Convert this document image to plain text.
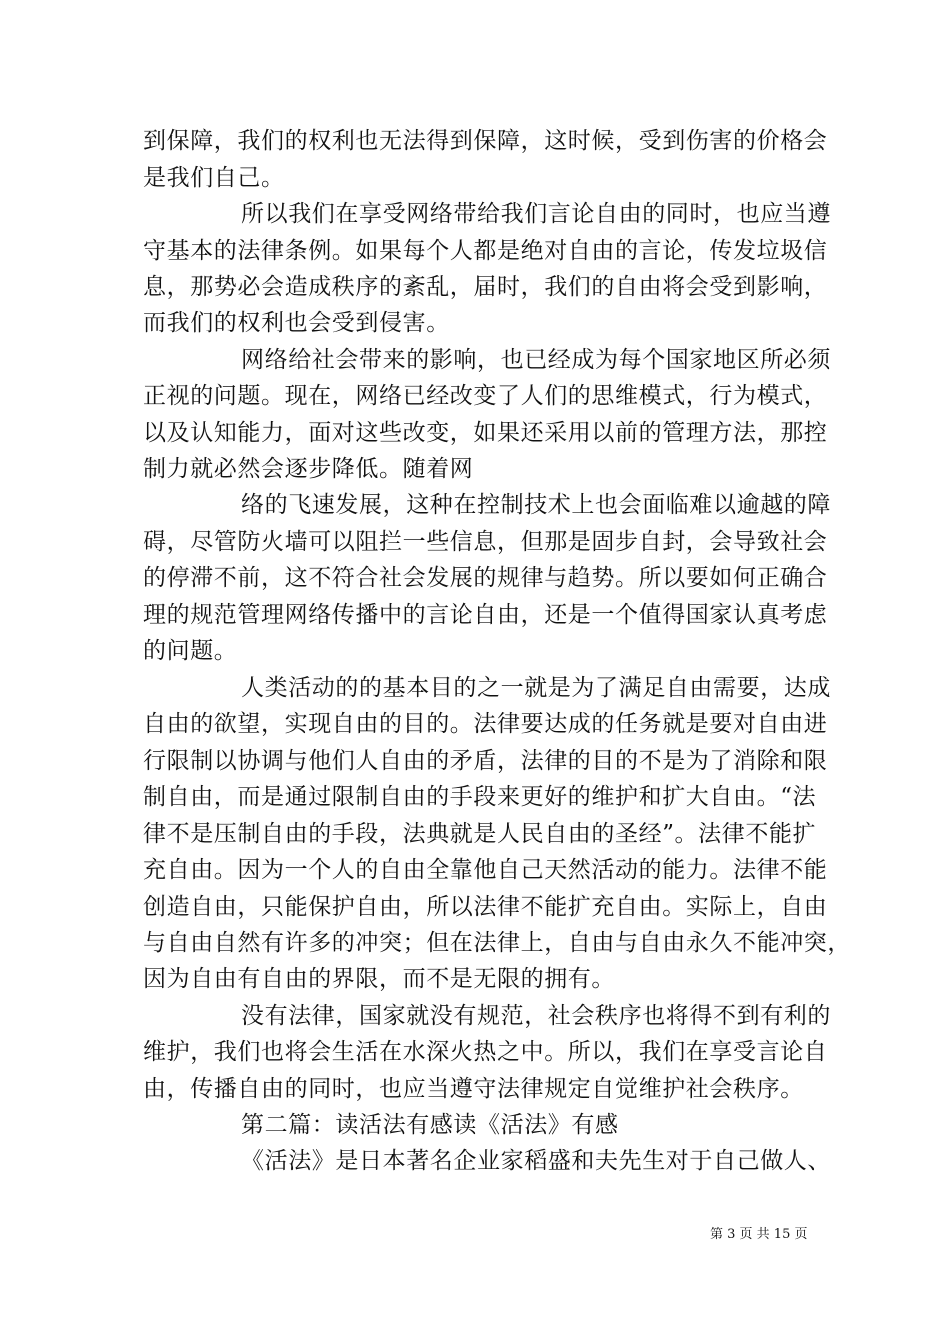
到保障，我们的权利也无法得到保障，这时候，受到伤害的价格会
是我们自己。
所以我们在享受网络带给我们言论自由的同时，也应当遵
守基本的法律条例。如果每个人都是绝对自由的言论，传发垃圾信
息，那势必会造成秩序的紊乱，届时，我们的自由将会受到影响，
而我们的权利也会受到侵害。
网络给社会带来的影响，也已经成为每个国家地区所必须
正视的问题。现在，网络已经改变了人们的思维模式，行为模式，
以及认知能力，面对这些改变，如果还采用以前的管理方法，那控
制力就必然会逐步降低。随着网
络的飞速发展，这种在控制技术上也会面临难以逾越的障
碍，尽管防火墙可以阻拦一些信息，但那是固步自封，会导致社会
的停滞不前，这不符合社会发展的规律与趋势。所以要如何正确合
理的规范管理网络传播中的言论自由，还是一个值得国家认真考虑
的问题。
人类活动的的基本目的之一就是为了满足自由需要，达成
自由的欲望，实现自由的目的。法律要达成的任务就是要对自由进
行限制以协调与他们人自由的矛盾，法律的目的不是为了消除和限
制自由，而是通过限制自由的手段来更好的维护和扩大自由。“法
律不是压制自由的手段，法典就是人民自由的圣经”。法律不能扩
充自由。因为一个人的自由全靠他自己天然活动的能力。法律不能
创造自由，只能保护自由，所以法律不能扩充自由。实际上，自由
与自由自然有许多的冲突；但在法律上，自由与自由永久不能冲突，
因为自由有自由的界限，而不是无限的拥有。
没有法律，国家就没有规范，社会秩序也将得不到有利的
维护，我们也将会生活在水深火热之中。所以，我们在享受言论自
由，传播自由的同时，也应当遵守法律规定自觉维护社会秩序。
第二篇：读活法有感读《活法》有感
《活法》是日本著名企业家稻盛和夫先生对于自己做人、
第 3 页 共 15 页
